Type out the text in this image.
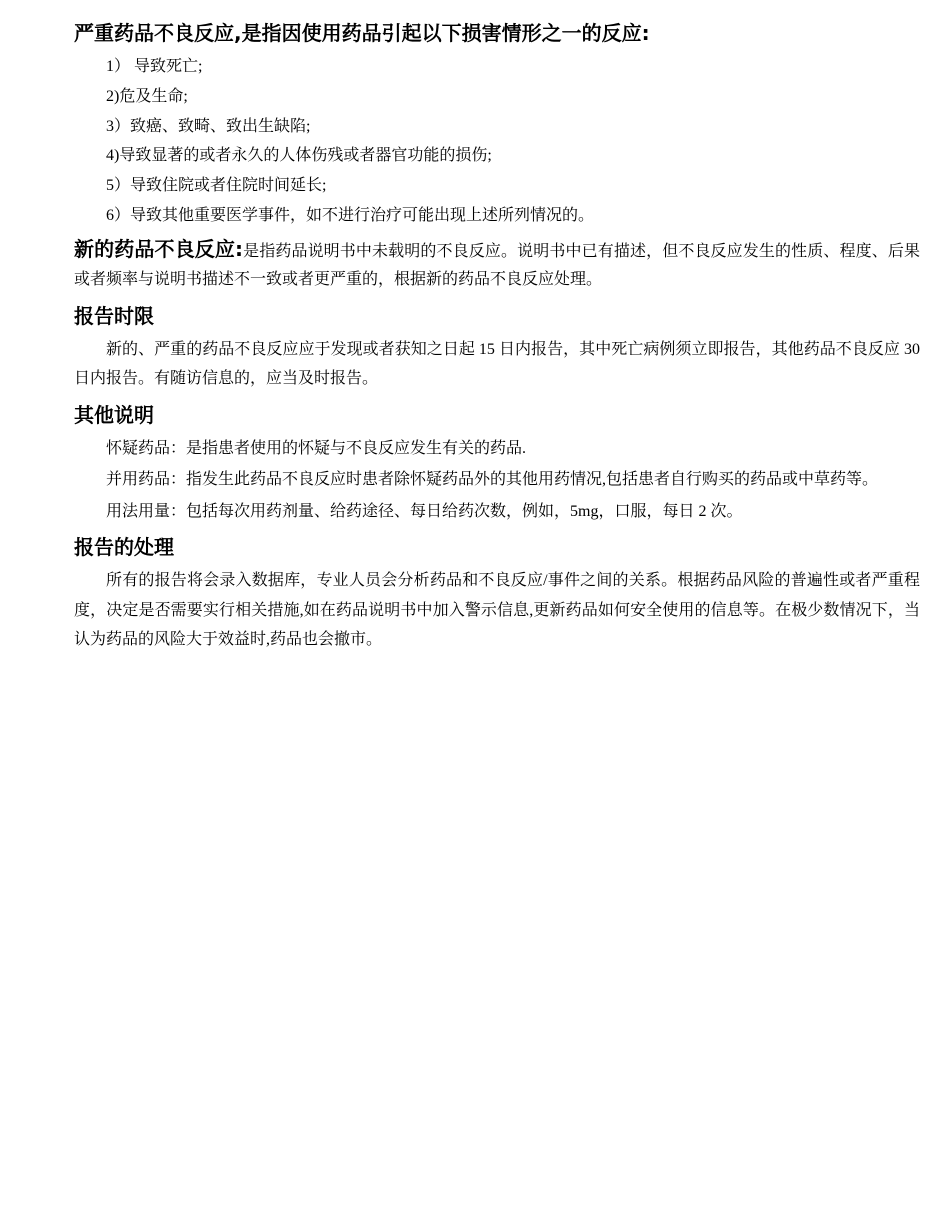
严重药品不良反应,是指因使用药品引起以下损害情形之一的反应:
1） 导致死亡;
2)危及生命;
3）致癌、致畸、致出生缺陷;
4)导致显著的或者永久的人体伤残或者器官功能的损伤;
5）导致住院或者住院时间延长;
6）导致其他重要医学事件，如不进行治疗可能出现上述所列情况的。

新的药品不良反应:是指药品说明书中未载明的不良反应。说明书中已有描述，但不良反应发生的性质、程度、后果或者频率与说明书描述不一致或者更严重的，根据新的药品不良反应处理。

报告时限

新的、严重的药品不良反应应于发现或者获知之日起 15 日内报告，其中死亡病例须立即报告，其他药品不良反应 30 日内报告。有随访信息的，应当及时报告。

其他说明

怀疑药品：是指患者使用的怀疑与不良反应发生有关的药品.

并用药品：指发生此药品不良反应时患者除怀疑药品外的其他用药情况,包括患者自行购买的药品或中草药等。

用法用量：包括每次用药剂量、给药途径、每日给药次数，例如，5mg，口服，每日 2 次。

报告的处理

所有的报告将会录入数据库，专业人员会分析药品和不良反应/事件之间的关系。根据药品风险的普遍性或者严重程度，决定是否需要实行相关措施,如在药品说明书中加入警示信息,更新药品如何安全使用的信息等。在极少数情况下，当认为药品的风险大于效益时,药品也会撤市。
